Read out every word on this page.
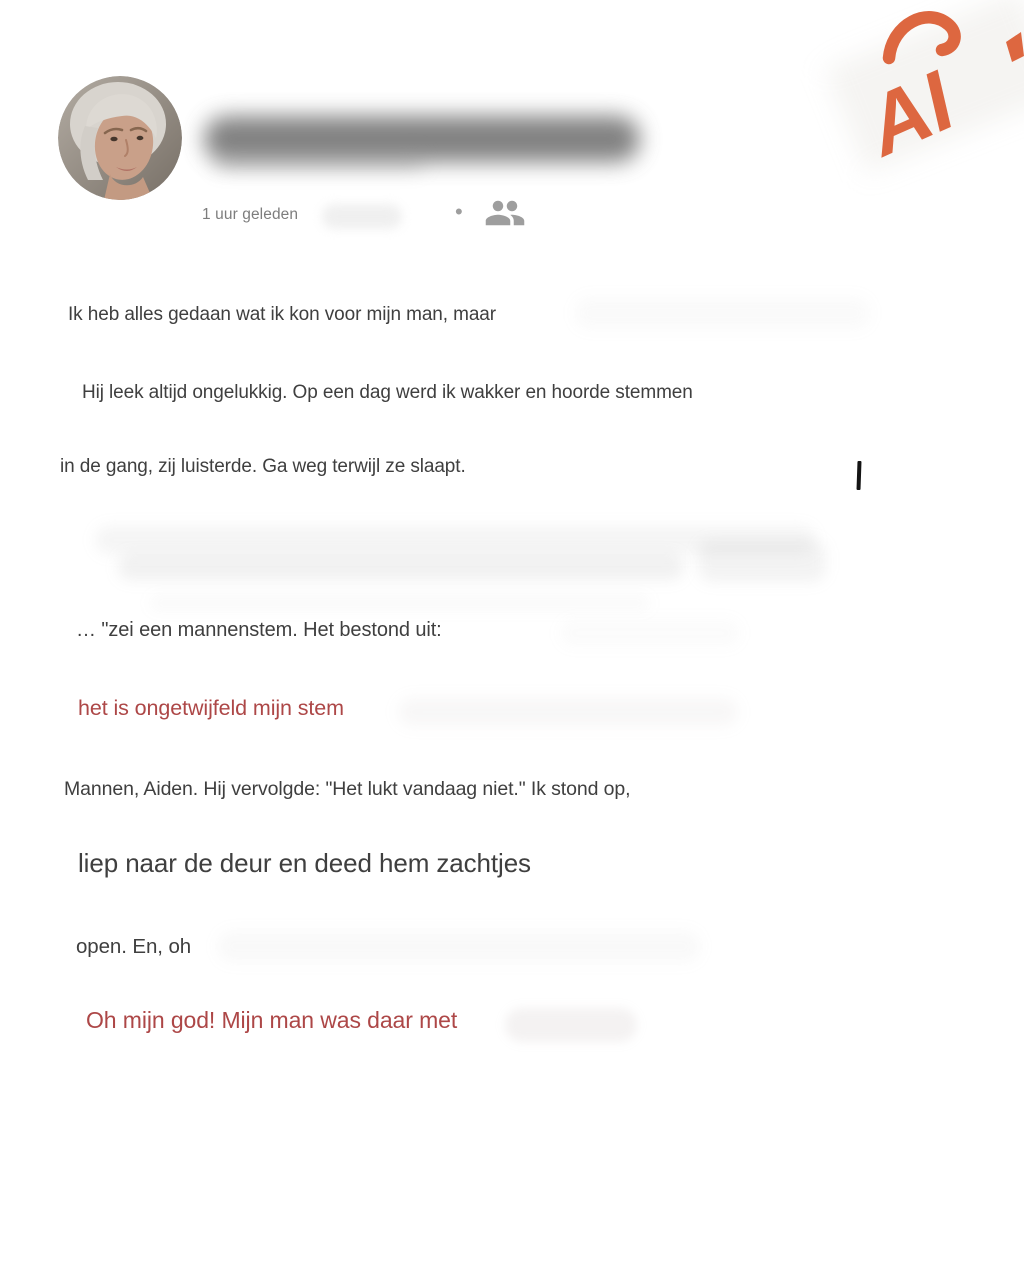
AI
1 uur geleden	•
Ik heb alles gedaan wat ik kon voor mijn man, maar
Hij leek altijd ongelukkig. Op een dag werd ik wakker en hoorde stemmen
in de gang, zij luisterde. Ga weg terwijl ze slaapt.
… "zei een mannenstem. Het bestond uit:
het is ongetwijfeld mijn stem
Mannen, Aiden. Hij vervolgde: "Het lukt vandaag niet." Ik stond op,
liep naar de deur en deed hem zachtjes
open. En, oh
Oh mijn god! Mijn man was daar met
